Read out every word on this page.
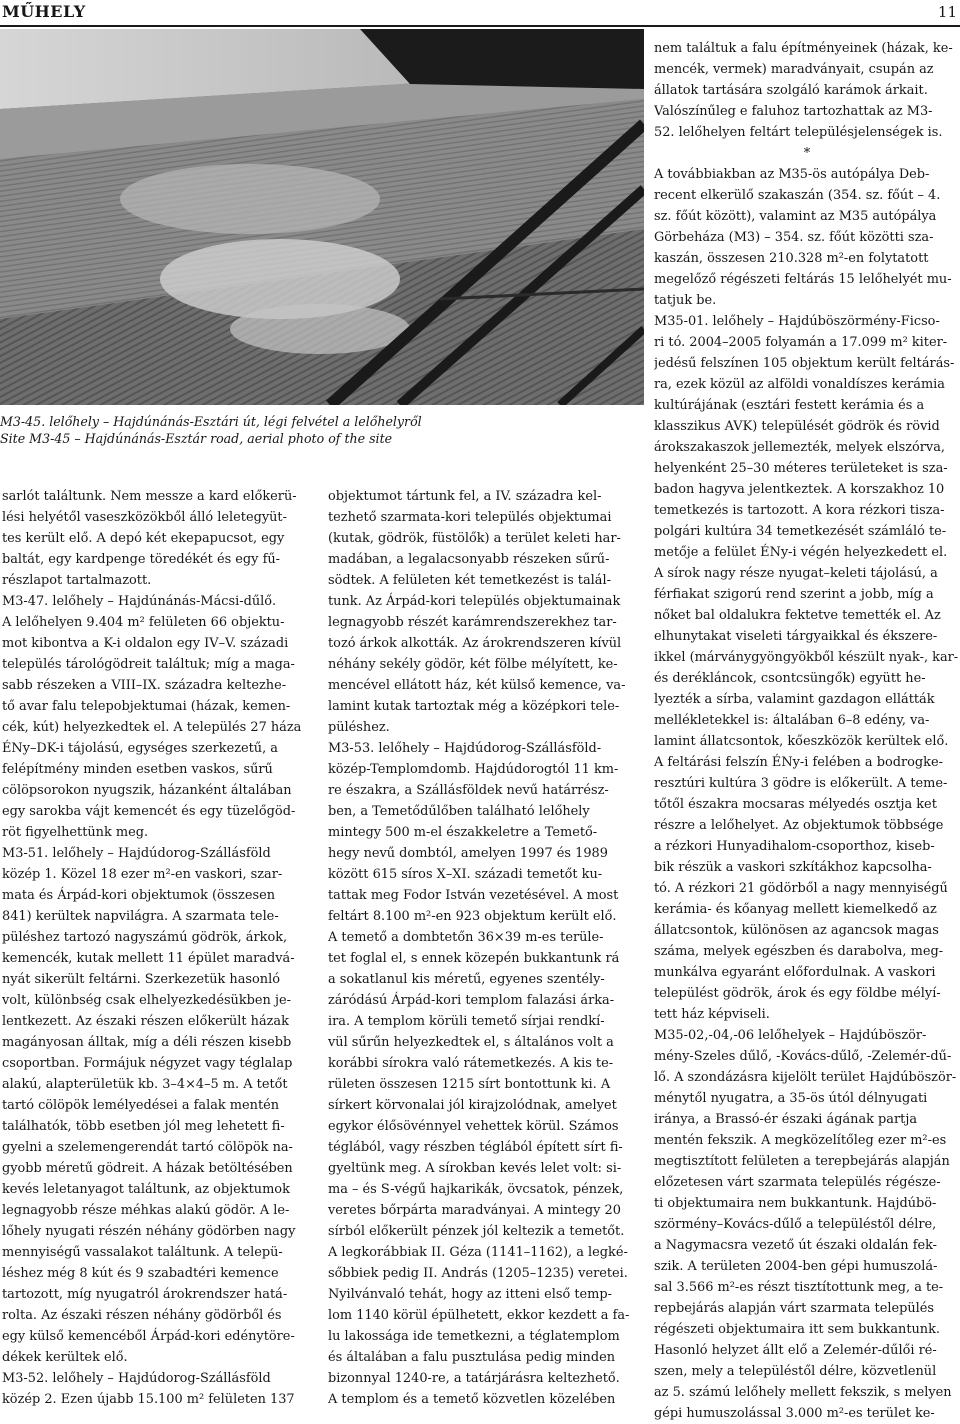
MŰHELY	11
M3-45. lelőhely – Hajdúnánás-Esztári út, légi felvétel a lelőhelyről
Site M3-45 – Hajdúnánás-Esztár road, aerial photo of the site
sarlót találtunk. Nem messze a kard előkerü-
lési helyétől vaseszközökből álló leletegyüt-
tes került elő. A depó két ekepapucsot, egy
baltát, egy kardpenge töredékét és egy fű-
részlapot tartalmazott.
M3-47. lelőhely – Hajdúnánás-Mácsi-dűlő.
A lelőhelyen 9.404 m² felületen 66 objektu-
mot kibontva a K-i oldalon egy IV–V. századi
település tárológödreit találtuk; míg a maga-
sabb részeken a VIII–IX. századra keltezhe-
tő avar falu telepobjektumai (házak, kemen-
cék, kút) helyezkedtek el. A település 27 háza
ÉNy–DK-i tájolású, egységes szerkezetű, a
felépítmény minden esetben vaskos, sűrű
cölöpsorokon nyugszik, házanként általában
egy sarokba vájt kemencét és egy tüzelőgöd-
röt figyelhettünk meg.
M3-51. lelőhely – Hajdúdorog-Szállásföld
közép 1. Közel 18 ezer m²-en vaskori, szar-
mata és Árpád-kori objektumok (összesen
841) kerültek napvilágra. A szarmata tele-
püléshez tartozó nagyszámú gödrök, árkok,
kemencék, kutak mellett 11 épület maradvá-
nyát sikerült feltárni. Szerkezetük hasonló
volt, különbség csak elhelyezkedésükben je-
lentkezett. Az északi részen előkerült házak
magányosan álltak, míg a déli részen kisebb
csoportban. Formájuk négyzet vagy téglalap
alakú, alapterületük kb. 3–4×4–5 m. A tetőt
tartó cölöpök lemélyedései a falak mentén
találhatók, több esetben jól meg lehetett fi-
gyelni a szelemengerendát tartó cölöpök na-
gyobb méretű gödreit. A házak betöltésében
kevés leletanyagot találtunk, az objektumok
legnagyobb része méhkas alakú gödör. A le-
lőhely nyugati részén néhány gödörben nagy
mennyiségű vassalakot találtunk. A telepü-
léshez még 8 kút és 9 szabadtéri kemence
tartozott, míg nyugatról árokrendszer hatá-
rolta. Az északi részen néhány gödörből és
egy külső kemencéből Árpád-kori edénytöre-
dékek kerültek elő.
M3-52. lelőhely – Hajdúdorog-Szállásföld
közép 2. Ezen újabb 15.100 m² felületen 137
objektumot tártunk fel, a IV. századra kel-
tezhető szarmata-kori település objektumai
(kutak, gödrök, füstölők) a terület keleti har-
madában, a legalacsonyabb részeken sűrű-
södtek. A felületen két temetkezést is talál-
tunk. Az Árpád-kori település objektumainak
legnagyobb részét karámrendszerekhez tar-
tozó árkok alkották. Az árokrendszeren kívül
néhány sekély gödör, két fölbe mélyített, ke-
mencével ellátott ház, két külső kemence, va-
lamint kutak tartoztak még a középkori tele-
püléshez.
M3-53. lelőhely – Hajdúdorog-Szállásföld-
közép-Templomdomb. Hajdúdorogtól 11 km-
re északra, a Szállásföldek nevű határrész-
ben, a Temetődűlőben található lelőhely
mintegy 500 m-el északkeletre a Temető-
hegy nevű dombtól, amelyen 1997 és 1989
között 615 síros X–XI. századi temetőt ku-
tattak meg Fodor István vezetésével. A most
feltárt 8.100 m²-en 923 objektum került elő.
A temető a dombtetőn 36×39 m-es terüle-
tet foglal el, s ennek közepén bukkantunk rá
a sokatlanul kis méretű, egyenes szentély-
záródású Árpád-kori templom falazási árka-
ira. A templom körüli temető sírjai rendkí-
vül sűrűn helyezkedtek el, s általános volt a
korábbi sírokra való rátemetkezés. A kis te-
rületen összesen 1215 sírt bontottunk ki. A
sírkert körvonalai jól kirajzolódnak, amelyet
egykor élősövénnyel vehettek körül. Számos
téglából, vagy részben téglából épített sírt fi-
gyeltünk meg. A sírokban kevés lelet volt: si-
ma – és S-végű hajkarikák, övcsatok, pénzek,
veretes bőrpárta maradványai. A mintegy 20
sírból előkerült pénzek jól keltezik a temetőt.
A legkorábbiak II. Géza (1141–1162), a legké-
sőbbiek pedig II. András (1205–1235) veretei.
Nyilvánvaló tehát, hogy az itteni első temp-
lom 1140 körül épülhetett, ekkor kezdett a fa-
lu lakossága ide temetkezni, a téglatemplom
és általában a falu pusztulása pedig minden
bizonnyal 1240-re, a tatárjárásra keltezhető.
A templom és a temető közvetlen közelében
nem találtuk a falu építményeinek (házak, ke-
mencék, vermek) maradványait, csupán az
állatok tartására szolgáló karámok árkait.
Valószínűleg e faluhoz tartozhattak az M3-
52. lelőhelyen feltárt településjelenségek is.
*
A továbbiakban az M35-ös autópálya Deb-
recent elkerülő szakaszán (354. sz. főút – 4.
sz. főút között), valamint az M35 autópálya
Görbeháza (M3) – 354. sz. főút közötti sza-
kaszán, összesen 210.328 m²-en folytatott
megelőző régészeti feltárás 15 lelőhelyét mu-
tatjuk be.
M35-01. lelőhely – Hajdúböszörmény-Ficso-
ri tó. 2004–2005 folyamán a 17.099 m² kiter-
jedésű felszínen 105 objektum került feltárás-
ra, ezek közül az alföldi vonaldíszes kerámia
kultúrájának (esztári festett kerámia és a
klasszikus AVK) települését gödrök és rövid
árokszakaszok jellemezték, melyek elszórva,
helyenként 25–30 méteres területeket is sza-
badon hagyva jelentkeztek. A korszakhoz 10
temetkezés is tartozott. A kora rézkori tisza-
polgári kultúra 34 temetkezését számláló te-
metője a felület ÉNy-i végén helyezkedett el.
A sírok nagy része nyugat–keleti tájolású, a
férfiakat szigorú rend szerint a jobb, míg a
nőket bal oldalukra fektetve temették el. Az
elhunytakat viseleti tárgyaikkal és ékszere-
ikkel (márványgyöngyökből készült nyak-, kar-
és derékláncok, csontcsüngők) együtt he-
lyezték a sírba, valamint gazdagon ellátták
mellékletekkel is: általában 6–8 edény, va-
lamint állatcsontok, kőeszközök kerültek elő.
A feltárási felszín ÉNy-i felében a bodrogke-
resztúri kultúra 3 gödre is előkerült. A teme-
tőtől északra mocsaras mélyedés osztja ket
részre a lelőhelyet. Az objektumok többsége
a rézkori Hunyadihalom-csoporthoz, kiseb-
bik részük a vaskori szkítákhoz kapcsolha-
tó. A rézkori 21 gödörből a nagy mennyiségű
kerámia- és kőanyag mellett kiemelkedő az
állatcsontok, különösen az agancsok magas
száma, melyek egészben és darabolva, meg-
munkálva egyaránt előfordulnak. A vaskori
települést gödrök, árok és egy földbe mélyí-
tett ház képviseli.
M35-02,-04,-06 lelőhelyek – Hajdúböször-
mény-Szeles dűlő, -Kovács-dűlő, -Zelemér-dű-
lő. A szondázásra kijelölt terület Hajdúböször-
ménytől nyugatra, a 35-ös útól délnyugati
iránya, a Brassó-ér északi ágának partja
mentén fekszik. A megközelítőleg ezer m²-es
megtisztított felületen a terepbejárás alapján
előzetesen várt szarmata település régésze-
ti objektumaira nem bukkantunk. Hajdúbö-
szörmény–Kovács-dűlő a településtől délre,
a Nagymacsra vezető út északi oldalán fek-
szik. A területen 2004-ben gépi humuszolá-
sal 3.566 m²-es részt tisztítottunk meg, a te-
repbejárás alapján várt szarmata település
régészeti objektumaira itt sem bukkantunk.
Hasonló helyzet állt elő a Zelemér-dűlői ré-
szen, mely a településtől délre, közvetlenül
az 5. számú lelőhely mellett fekszik, s melyen
gépi humuszolással 3.000 m²-es terület ke-
